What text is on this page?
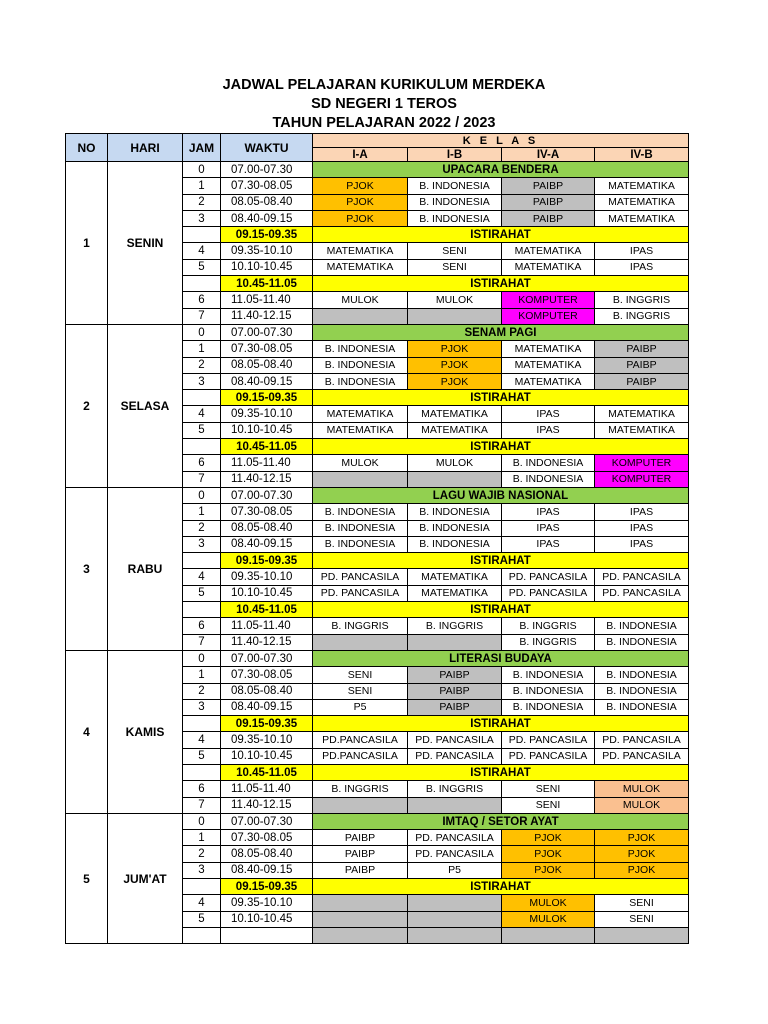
JADWAL PELAJARAN KURIKULUM MERDEKA
SD NEGERI 1 TEROS
TAHUN PELAJARAN 2022 / 2023
NO	HARI	JAM	WAKTU	K E L A S			
				I-A	I-B	IV-A	IV-B
1	SENIN	0	07.00-07.30	UPACARA BENDERA			
		1	07.30-08.05	PJOK	B. INDONESIA	PAIBP	MATEMATIKA
		2	08.05-08.40	PJOK	B. INDONESIA	PAIBP	MATEMATIKA
		3	08.40-09.15	PJOK	B. INDONESIA	PAIBP	MATEMATIKA
			09.15-09.35	ISTIRAHAT			
		4	09.35-10.10	MATEMATIKA	SENI	MATEMATIKA	IPAS
		5	10.10-10.45	MATEMATIKA	SENI	MATEMATIKA	IPAS
			10.45-11.05	ISTIRAHAT			
		6	11.05-11.40	MULOK	MULOK	KOMPUTER	B. INGGRIS
		7	11.40-12.15			KOMPUTER	B. INGGRIS
2	SELASA	0	07.00-07.30	SENAM PAGI			
		1	07.30-08.05	B. INDONESIA	PJOK	MATEMATIKA	PAIBP
		2	08.05-08.40	B. INDONESIA	PJOK	MATEMATIKA	PAIBP
		3	08.40-09.15	B. INDONESIA	PJOK	MATEMATIKA	PAIBP
			09.15-09.35	ISTIRAHAT			
		4	09.35-10.10	MATEMATIKA	MATEMATIKA	IPAS	MATEMATIKA
		5	10.10-10.45	MATEMATIKA	MATEMATIKA	IPAS	MATEMATIKA
			10.45-11.05	ISTIRAHAT			
		6	11.05-11.40	MULOK	MULOK	B. INDONESIA	KOMPUTER
		7	11.40-12.15			B. INDONESIA	KOMPUTER
3	RABU	0	07.00-07.30	LAGU WAJIB NASIONAL			
		1	07.30-08.05	B. INDONESIA	B. INDONESIA	IPAS	IPAS
		2	08.05-08.40	B. INDONESIA	B. INDONESIA	IPAS	IPAS
		3	08.40-09.15	B. INDONESIA	B. INDONESIA	IPAS	IPAS
			09.15-09.35	ISTIRAHAT			
		4	09.35-10.10	PD. PANCASILA	MATEMATIKA	PD. PANCASILA	PD. PANCASILA
		5	10.10-10.45	PD. PANCASILA	MATEMATIKA	PD. PANCASILA	PD. PANCASILA
			10.45-11.05	ISTIRAHAT			
		6	11.05-11.40	B. INGGRIS	B. INGGRIS	B. INGGRIS	B. INDONESIA
		7	11.40-12.15			B. INGGRIS	B. INDONESIA
4	KAMIS	0	07.00-07.30	LITERASI BUDAYA			
		1	07.30-08.05	SENI	PAIBP	B. INDONESIA	B. INDONESIA
		2	08.05-08.40	SENI	PAIBP	B. INDONESIA	B. INDONESIA
		3	08.40-09.15	P5	PAIBP	B. INDONESIA	B. INDONESIA
			09.15-09.35	ISTIRAHAT			
		4	09.35-10.10	PD.PANCASILA	PD. PANCASILA	PD. PANCASILA	PD. PANCASILA
		5	10.10-10.45	PD.PANCASILA	PD. PANCASILA	PD. PANCASILA	PD. PANCASILA
			10.45-11.05	ISTIRAHAT			
		6	11.05-11.40	B. INGGRIS	B. INGGRIS	SENI	MULOK
		7	11.40-12.15			SENI	MULOK
5	JUM'AT	0	07.00-07.30	IMTAQ / SETOR AYAT			
		1	07.30-08.05	PAIBP	PD. PANCASILA	PJOK	PJOK
		2	08.05-08.40	PAIBP	PD. PANCASILA	PJOK	PJOK
		3	08.40-09.15	PAIBP	P5	PJOK	PJOK
			09.15-09.35	ISTIRAHAT			
		4	09.35-10.10			MULOK	SENI
		5	10.10-10.45			MULOK	SENI
